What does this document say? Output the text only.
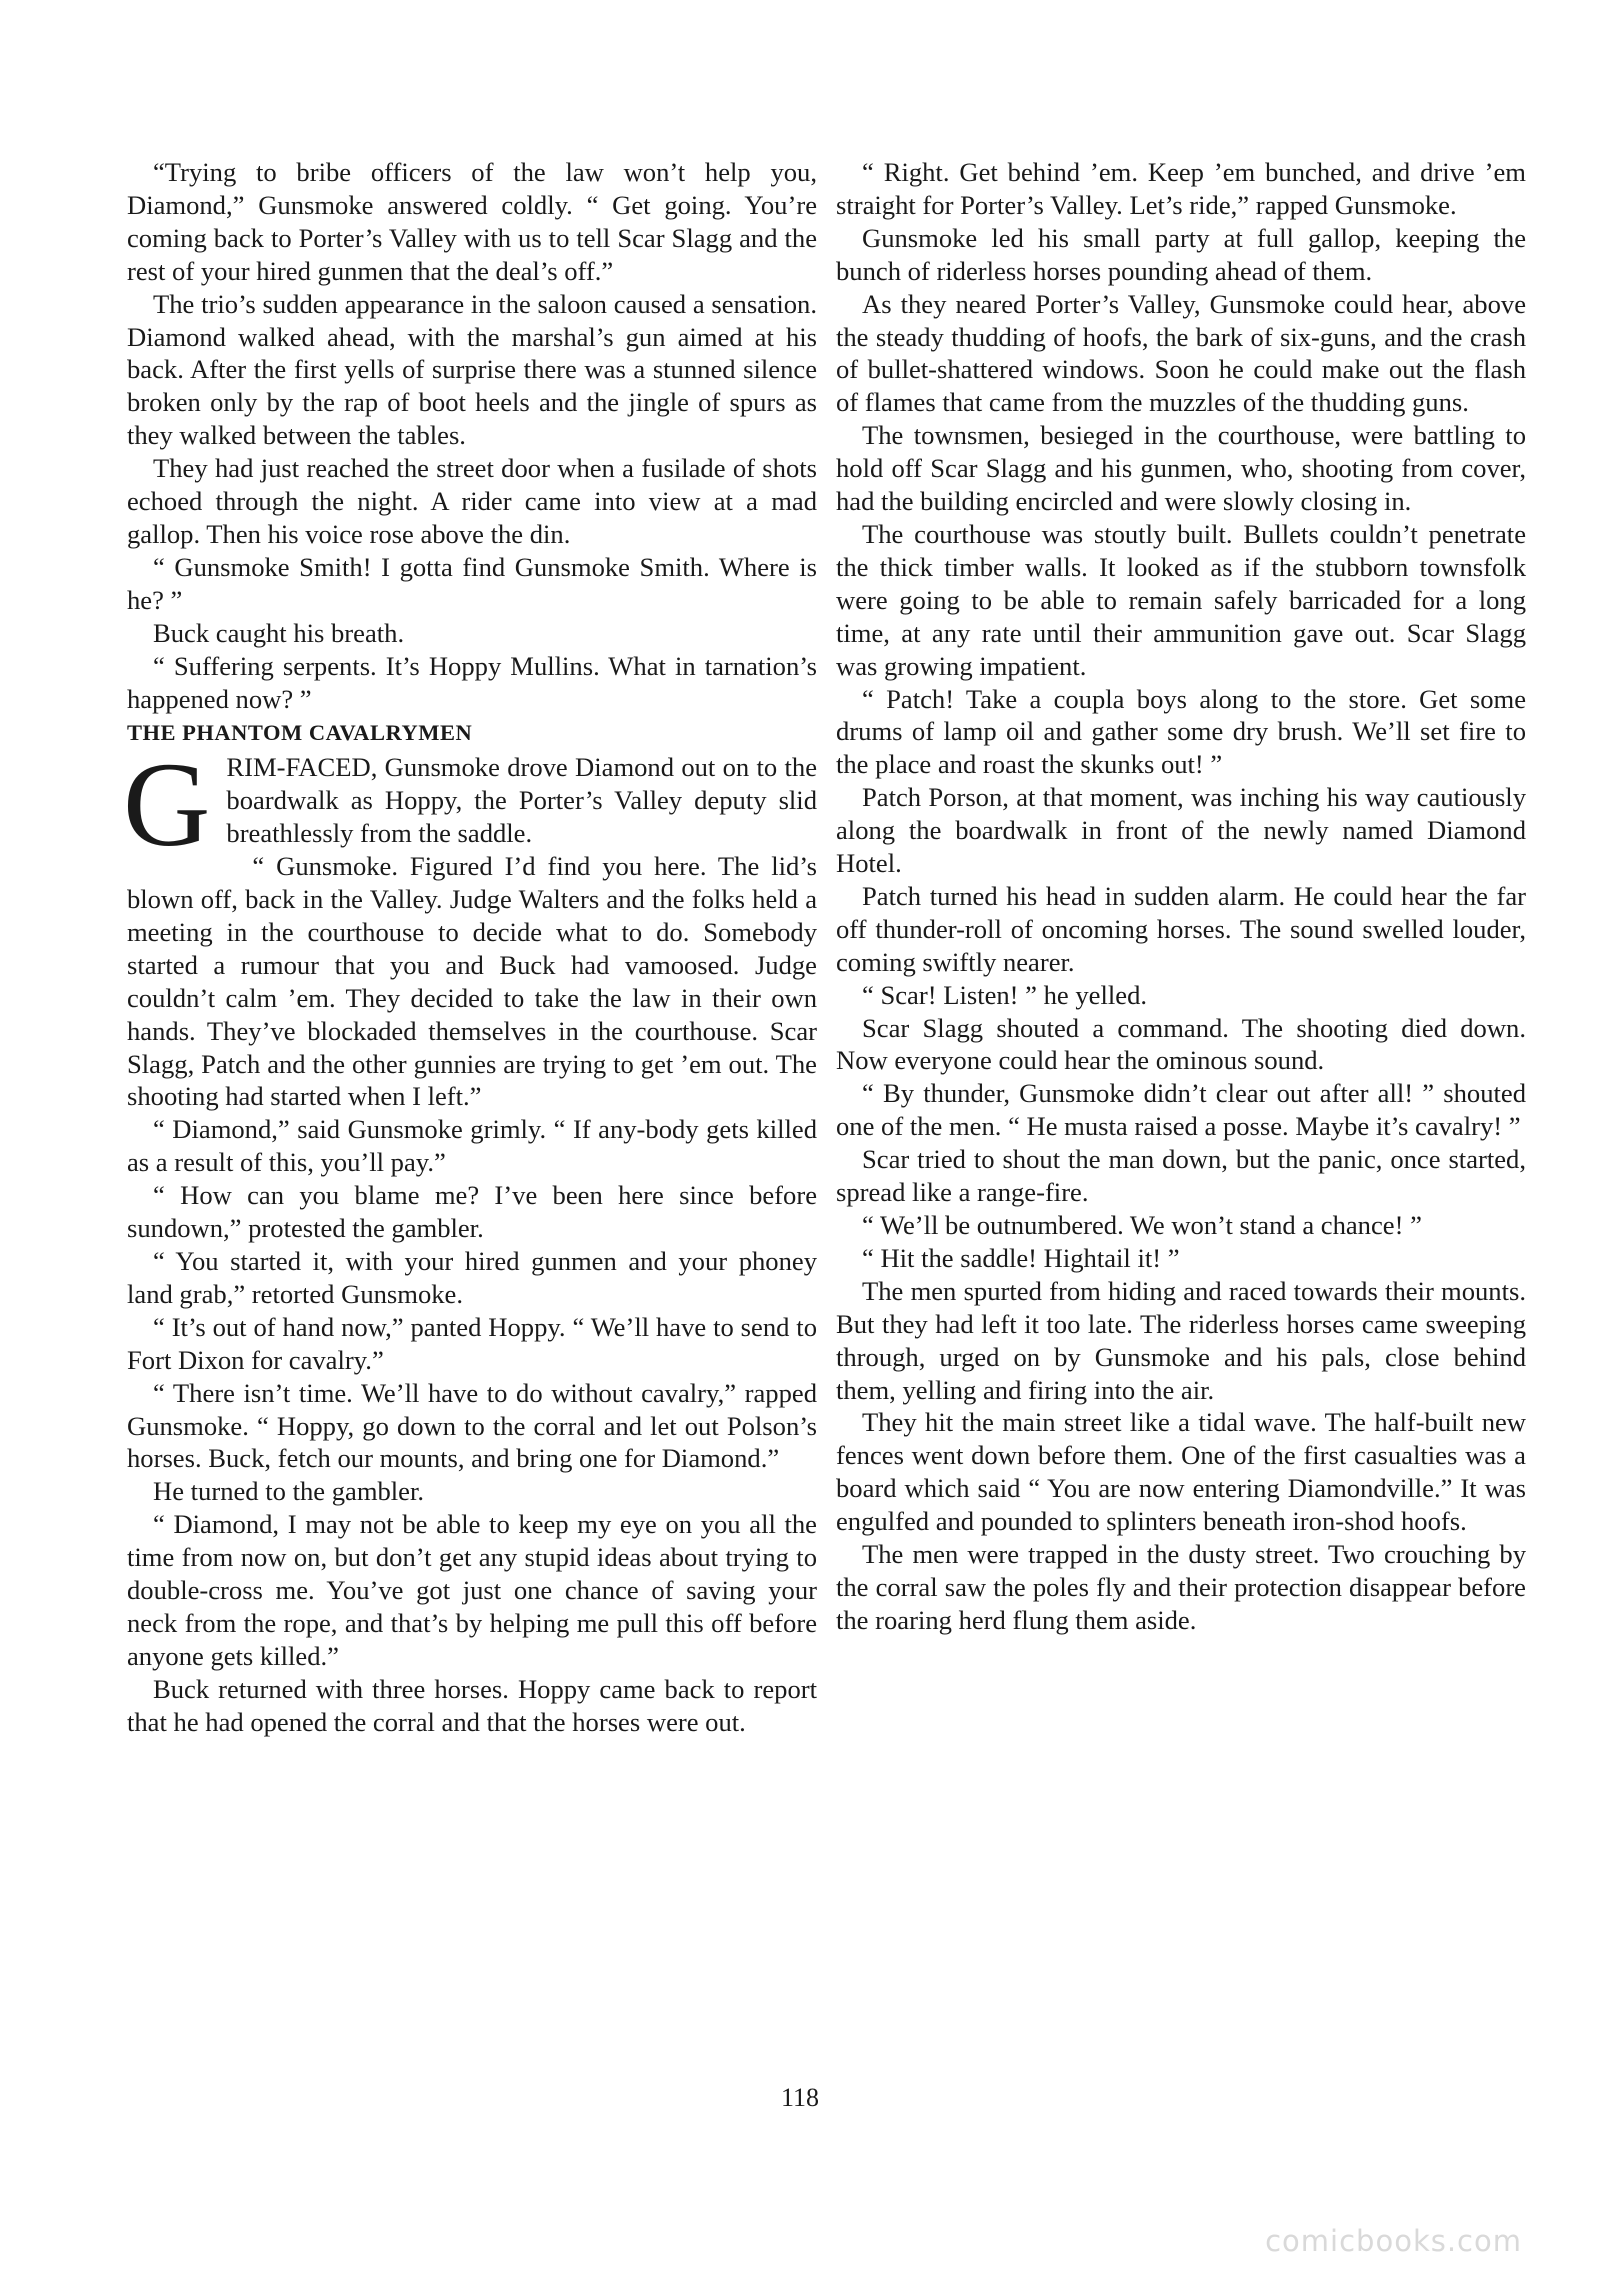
“Trying to bribe officers of the law won’t help you, Diamond,” Gunsmoke answered coldly. “ Get going. You’re coming back to Porter’s Valley with us to tell Scar Slagg and the rest of your hired gunmen that the deal’s off.”

The trio’s sudden appearance in the saloon caused a sensation. Diamond walked ahead, with the marshal’s gun aimed at his back. After the first yells of surprise there was a stunned silence broken only by the rap of boot heels and the jingle of spurs as they walked between the tables.

They had just reached the street door when a fusilade of shots echoed through the night. A rider came into view at a mad gallop. Then his voice rose above the din.

“ Gunsmoke Smith! I gotta find Gunsmoke Smith. Where is he? ”

Buck caught his breath.

“ Suffering serpents. It’s Hoppy Mullins. What in tarnation’s happened now? ”

THE PHANTOM CAVALRYMEN

GRIM-FACED, Gunsmoke drove Diamond out on to the boardwalk as Hoppy, the Porter’s Valley deputy slid breathlessly from the saddle.

“ Gunsmoke. Figured I’d find you here. The lid’s blown off, back in the Valley. Judge Walters and the folks held a meeting in the courthouse to decide what to do. Somebody started a rumour that you and Buck had vamoosed. Judge couldn’t calm ’em. They decided to take the law in their own hands. They’ve blockaded themselves in the courthouse. Scar Slagg, Patch and the other gunnies are trying to get ’em out. The shooting had started when I left.”

“ Diamond,” said Gunsmoke grimly. “ If any-body gets killed as a result of this, you’ll pay.”

“ How can you blame me? I’ve been here since before sundown,” protested the gambler.

“ You started it, with your hired gunmen and your phoney land grab,” retorted Gunsmoke.

“ It’s out of hand now,” panted Hoppy. “ We’ll have to send to Fort Dixon for cavalry.”

“ There isn’t time. We’ll have to do without cavalry,” rapped Gunsmoke. “ Hoppy, go down to the corral and let out Polson’s horses. Buck, fetch our mounts, and bring one for Diamond.”

He turned to the gambler.

“ Diamond, I may not be able to keep my eye on you all the time from now on, but don’t get any stupid ideas about trying to double-cross me. You’ve got just one chance of saving your neck from the rope, and that’s by helping me pull this off before anyone gets killed.”

Buck returned with three horses. Hoppy came back to report that he had opened the corral and that the horses were out.

“ Right. Get behind ’em. Keep ’em bunched, and drive ’em straight for Porter’s Valley. Let’s ride,” rapped Gunsmoke.

Gunsmoke led his small party at full gallop, keeping the bunch of riderless horses pounding ahead of them.

As they neared Porter’s Valley, Gunsmoke could hear, above the steady thudding of hoofs, the bark of six-guns, and the crash of bullet-shattered windows. Soon he could make out the flash of flames that came from the muzzles of the thudding guns.

The townsmen, besieged in the courthouse, were battling to hold off Scar Slagg and his gunmen, who, shooting from cover, had the building encircled and were slowly closing in.

The courthouse was stoutly built. Bullets couldn’t penetrate the thick timber walls. It looked as if the stubborn townsfolk were going to be able to remain safely barricaded for a long time, at any rate until their ammunition gave out. Scar Slagg was growing impatient.

“ Patch! Take a coupla boys along to the store. Get some drums of lamp oil and gather some dry brush. We’ll set fire to the place and roast the skunks out! ”

Patch Porson, at that moment, was inching his way cautiously along the boardwalk in front of the newly named Diamond Hotel.

Patch turned his head in sudden alarm. He could hear the far off thunder-roll of oncoming horses. The sound swelled louder, coming swiftly nearer.

“ Scar! Listen! ” he yelled.

Scar Slagg shouted a command. The shooting died down. Now everyone could hear the ominous sound.

“ By thunder, Gunsmoke didn’t clear out after all! ” shouted one of the men. “ He musta raised a posse. Maybe it’s cavalry! ”

Scar tried to shout the man down, but the panic, once started, spread like a range-fire.

“ We’ll be outnumbered. We won’t stand a chance! ”

“ Hit the saddle! Hightail it! ”

The men spurted from hiding and raced towards their mounts. But they had left it too late. The riderless horses came sweeping through, urged on by Gunsmoke and his pals, close behind them, yelling and firing into the air.

They hit the main street like a tidal wave. The half-built new fences went down before them. One of the first casualties was a board which said “ You are now entering Diamondville.” It was engulfed and pounded to splinters beneath iron-shod hoofs.

The men were trapped in the dusty street. Two crouching by the corral saw the poles fly and their protection disappear before the roaring herd flung them aside.

118
comicbooks.com
